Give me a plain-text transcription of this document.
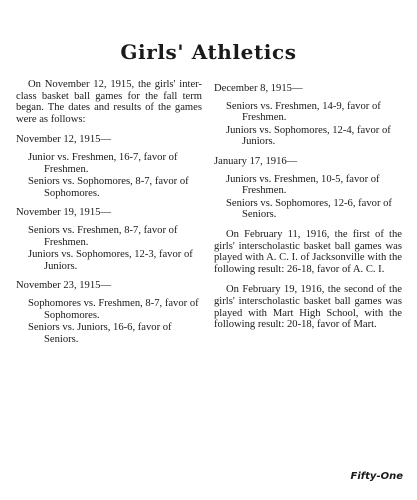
Girls' Athletics

On November 12, 1915, the girls' inter-class basket ball games for the fall term began. The dates and results of the games were as follows:

November 12, 1915—
Junior vs. Freshmen, 16-7, favor of Freshmen.
Seniors vs. Sophomores, 8-7, favor of Sophomores.
November 19, 1915—
Seniors vs. Freshmen, 8-7, favor of Freshmen.
Juniors vs. Sophomores, 12-3, favor of Juniors.
November 23, 1915—
Sophomores vs. Freshmen, 8-7, favor of Sophomores.
Seniors vs. Juniors, 16-6, favor of Seniors.
December 8, 1915—
Seniors vs. Freshmen, 14-9, favor of Freshmen.
Juniors vs. Sophomores, 12-4, favor of Juniors.
January 17, 1916—
Juniors vs. Freshmen, 10-5, favor of Freshmen.
Seniors vs. Sophomores, 12-6, favor of Seniors.

On February 11, 1916, the first of the girls' interscholastic basket ball games was played with A. C. I. of Jacksonville with the following result: 26-18, favor of A. C. I.

On February 19, 1916, the second of the girls' interscholastic basket ball games was played with Mart High School, with the following result: 20-18, favor of Mart.

Fifty-One
